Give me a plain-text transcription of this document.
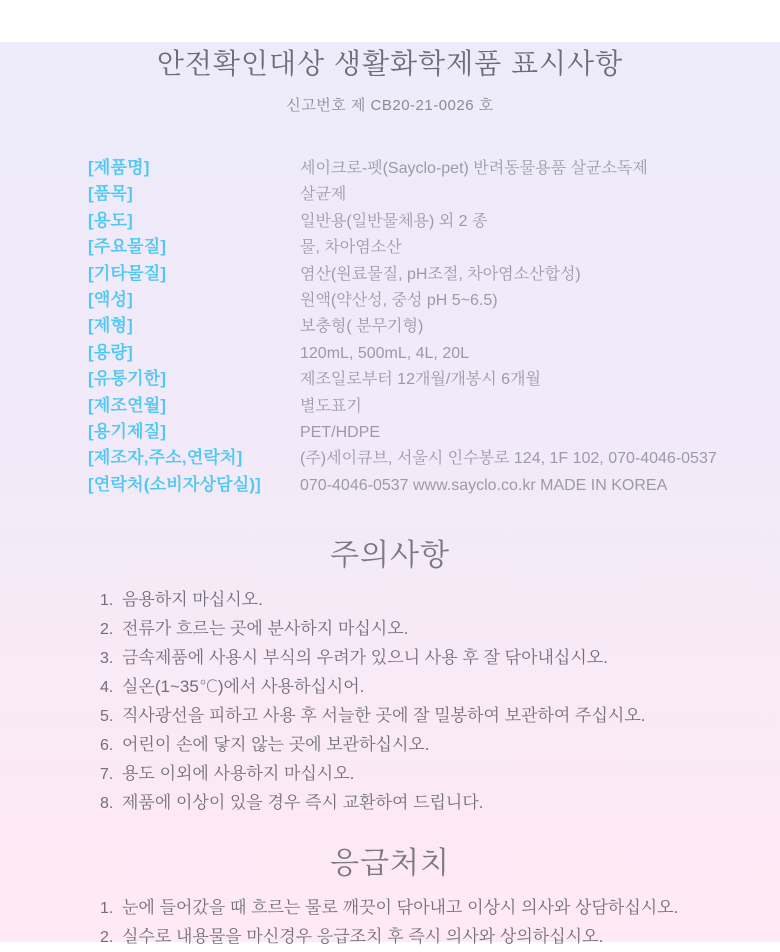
안전확인대상 생활화학제품 표시사항
신고번호 제 CB20-21-0026 호
[제품명]	세이크로-펫(Sayclo-pet) 반려동물용품 살균소독제
[품목]	살균제
[용도]	일반용(일반물체용) 외 2 종
[주요물질]	물, 차아염소산
[기타물질]	염산(원료물질, pH조절, 차아염소산합성)
[액성]	원액(약산성, 중성 pH 5~6.5)
[제형]	보충형( 분무기형)
[용량]	120mL, 500mL, 4L, 20L
[유통기한]	제조일로부터 12개월/개봉시 6개월
[제조연월]	별도표기
[용기제질]	PET/HDPE
[제조자,주소,연락처]	(주)세이큐브, 서울시 인수봉로 124, 1F 102, 070-4046-0537
[연락처(소비자상담실)]	070-4046-0537 www.sayclo.co.kr MADE IN KOREA
주의사항
1. 음용하지 마십시오.
2. 전류가 흐르는 곳에 분사하지 마십시오.
3. 금속제품에 사용시 부식의 우려가 있으니 사용 후 잘 닦아내십시오.
4. 실온(1~35℃)에서 사용하십시어.
5. 직사광선을 피하고 사용 후 서늘한 곳에 잘 밀봉하여 보관하여 주십시오.
6. 어린이 손에 닿지 않는 곳에 보관하십시오.
7. 용도 이외에 사용하지 마십시오.
8. 제품에 이상이 있을 경우 즉시 교환하여 드립니다.
응급처치
1. 눈에 들어갔을 때 흐르는 물로 깨끗이 닦아내고 이상시 의사와 상담하십시오.
2. 실수로 내용물을 마신경우 응급조치 후 즉시 의사와 상의하십시오.
